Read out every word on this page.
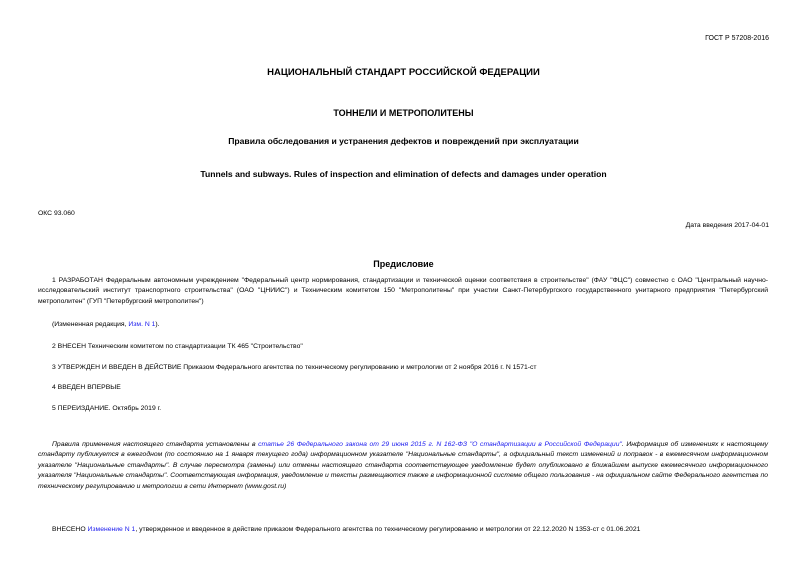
ГОСТ Р 57208-2016
НАЦИОНАЛЬНЫЙ СТАНДАРТ РОССИЙСКОЙ ФЕДЕРАЦИИ
ТОННЕЛИ И МЕТРОПОЛИТЕНЫ
Правила обследования и устранения дефектов и повреждений при эксплуатации
Tunnels and subways. Rules of inspection and elimination of defects and damages under operation
ОКС 93.060
Дата введения 2017-04-01
Предисловие
1 РАЗРАБОТАН Федеральным автономным учреждением "Федеральный центр нормирования, стандартизации и технической оценки соответствия в строительстве" (ФАУ "ФЦС") совместно с ОАО "Центральный научно-исследовательский институт транспортного строительства" (ОАО "ЦНИИС") и Техническим комитетом 150 "Метрополитены" при участии Санкт-Петербургского государственного унитарного предприятия "Петербургский метрополитен" (ГУП "Петербургский метрополитен")
(Измененная редакция, Изм. N 1).
2 ВНЕСЕН Техническим комитетом по стандартизации ТК 465 "Строительство"
3 УТВЕРЖДЕН И ВВЕДЕН В ДЕЙСТВИЕ Приказом Федерального агентства по техническому регулированию и метрологии от 2 ноября 2016 г. N 1571-ст
4 ВВЕДЕН ВПЕРВЫЕ
5 ПЕРЕИЗДАНИЕ. Октябрь 2019 г.
Правила применения настоящего стандарта установлены в статье 26 Федерального закона от 29 июня 2015 г. N 162-ФЗ "О стандартизации в Российской Федерации". Информация об изменениях к настоящему стандарту публикуется в ежегодном (по состоянию на 1 января текущего года) информационном указателе "Национальные стандарты", а официальный текст изменений и поправок - в ежемесячном информационном указателе "Национальные стандарты". В случае пересмотра (замены) или отмены настоящего стандарта соответствующее уведомление будет опубликовано в ближайшем выпуске ежемесячного информационного указателя "Национальные стандарты". Соответствующая информация, уведомление и тексты размещаются также в информационной системе общего пользования - на официальном сайте Федерального агентства по техническому регулированию и метрологии в сети Интернет (www.gost.ru)
ВНЕСЕНО Изменение N 1, утвержденное и введенное в действие приказом Федерального агентства по техническому регулированию и метрологии от 22.12.2020 N 1353-ст с 01.06.2021
